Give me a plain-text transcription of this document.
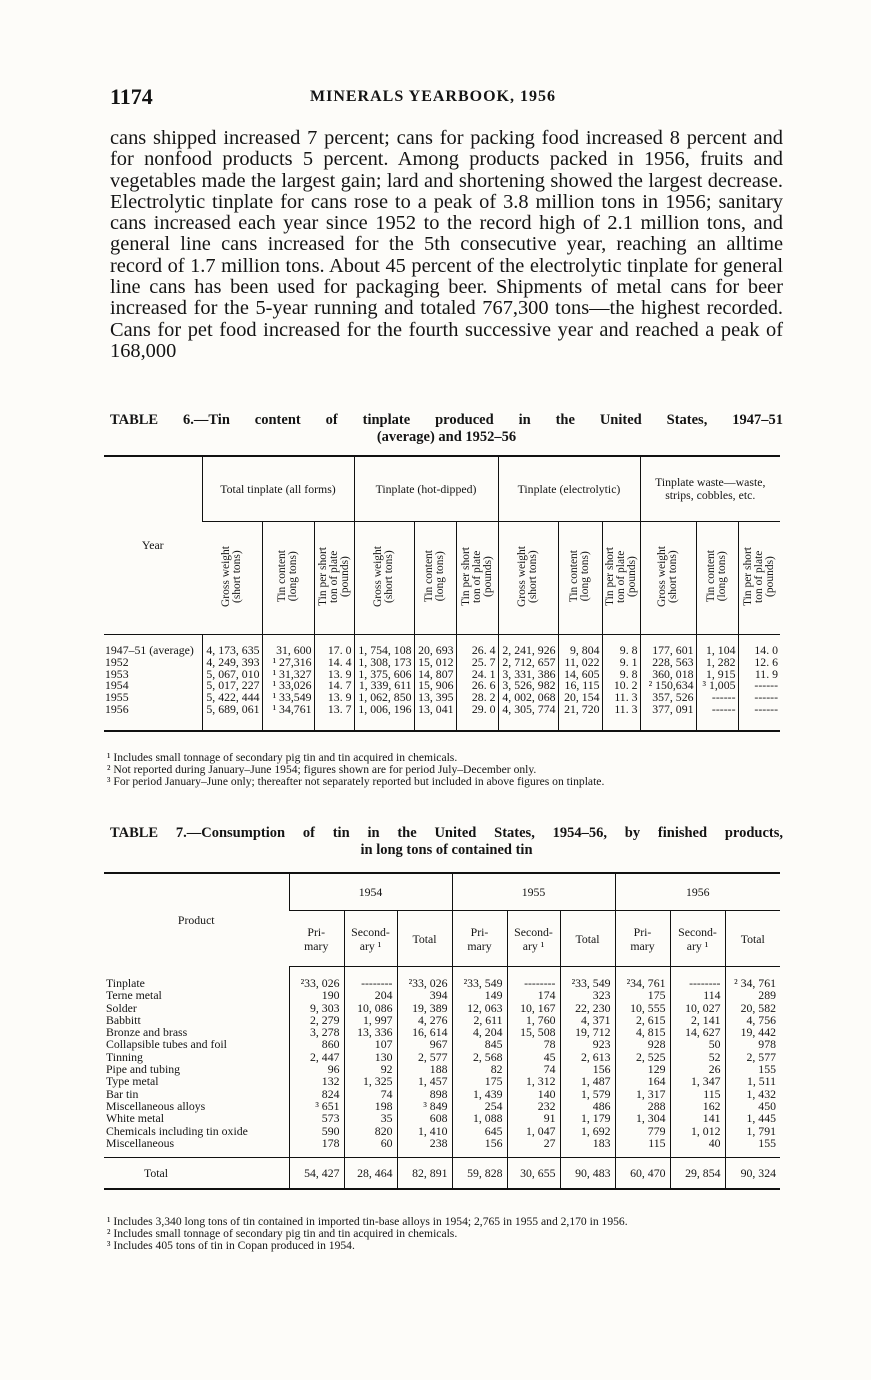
1174	MINERALS YEARBOOK, 1956

cans shipped increased 7 percent; cans for packing food increased 8 percent and for nonfood products 5 percent. Among products packed in 1956, fruits and vegetables made the largest gain; lard and shortening showed the largest decrease. Electrolytic tinplate for cans rose to a peak of 3.8 million tons in 1956; sanitary cans increased each year since 1952 to the record high of 2.1 million tons, and general line cans increased for the 5th consecutive year, reaching an alltime record of 1.7 million tons. About 45 percent of the electrolytic tinplate for general line cans has been used for packaging beer. Shipments of metal cans for beer increased for the 5-year running and totaled 767,300 tons—the highest recorded. Cans for pet food increased for the fourth successive year and reached a peak of 168,000

TABLE 6.—Tin content of tinplate produced in the United States, 1947–51
(average) and 1952–56
Year	Total tinplate (all forms)			Tinplate (hot-dipped)			Tinplate (electrolytic)			Tinplate waste—waste, strips, cobbles, etc.		
	Gross weight
(short tons)	Tin content
(long tons)	Tin per short
ton of plate
(pounds)	Gross weight
(short tons)	Tin content
(long tons)	Tin per short
ton of plate
(pounds)	Gross weight
(short tons)	Tin content
(long tons)	Tin per short
ton of plate
(pounds)	Gross weight
(short tons)	Tin content
(long tons)	Tin per short
ton of plate
(pounds)
1947–51 (average)	4, 173, 635	31, 600	17. 0	1, 754, 108	20, 693	26. 4	2, 241, 926	9, 804	9. 8	177, 601	1, 104	14. 0
1952	4, 249, 393	¹ 27,316	14. 4	1, 308, 173	15, 012	25. 7	2, 712, 657	11, 022	9. 1	228, 563	1, 282	12. 6
1953	5, 067, 010	¹ 31,327	13. 9	1, 375, 606	14, 807	24. 1	3, 331, 386	14, 605	9. 8	360, 018	1, 915	11. 9
1954	5, 017, 227	¹ 33,026	14. 7	1, 339, 611	15, 906	26. 6	3, 526, 982	16, 115	10. 2	² 150,634	³ 1,005	------
1955	5, 422, 444	¹ 33,549	13. 9	1, 062, 850	13, 395	28. 2	4, 002, 068	20, 154	11. 3	357, 526	------	------
1956	5, 689, 061	¹ 34,761	13. 7	1, 006, 196	13, 041	29. 0	4, 305, 774	21, 720	11. 3	377, 091	------	------

¹ Includes small tonnage of secondary pig tin and tin acquired in chemicals.

² Not reported during January–June 1954; figures shown are for period July–December only.

³ For period January–June only; thereafter not separately reported but included in above figures on tinplate.

TABLE 7.—Consumption of tin in the United States, 1954–56, by finished products,
in long tons of contained tin
Product	1954			1955			1956		
	Pri-
mary	Second-
ary ¹	Total	Pri-
mary	Second-
ary ¹	Total	Pri-
mary	Second-
ary ¹	Total
Tinplate	²33, 026	--------	²33, 026	²33, 549	--------	²33, 549	²34, 761	--------	² 34, 761
Terne metal	190	204	394	149	174	323	175	114	289
Solder	9, 303	10, 086	19, 389	12, 063	10, 167	22, 230	10, 555	10, 027	20, 582
Babbitt	2, 279	1, 997	4, 276	2, 611	1, 760	4, 371	2, 615	2, 141	4, 756
Bronze and brass	3, 278	13, 336	16, 614	4, 204	15, 508	19, 712	4, 815	14, 627	19, 442
Collapsible tubes and foil	860	107	967	845	78	923	928	50	978
Tinning	2, 447	130	2, 577	2, 568	45	2, 613	2, 525	52	2, 577
Pipe and tubing	96	92	188	82	74	156	129	26	155
Type metal	132	1, 325	1, 457	175	1, 312	1, 487	164	1, 347	1, 511
Bar tin	824	74	898	1, 439	140	1, 579	1, 317	115	1, 432
Miscellaneous alloys	³ 651	198	³ 849	254	232	486	288	162	450
White metal	573	35	608	1, 088	91	1, 179	1, 304	141	1, 445
Chemicals including tin oxide	590	820	1, 410	645	1, 047	1, 692	779	1, 012	1, 791
Miscellaneous	178	60	238	156	27	183	115	40	155
Total	54, 427	28, 464	82, 891	59, 828	30, 655	90, 483	60, 470	29, 854	90, 324

¹ Includes 3,340 long tons of tin contained in imported tin-base alloys in 1954; 2,765 in 1955 and 2,170 in 1956.

² Includes small tonnage of secondary pig tin and tin acquired in chemicals.

³ Includes 405 tons of tin in Copan produced in 1954.
